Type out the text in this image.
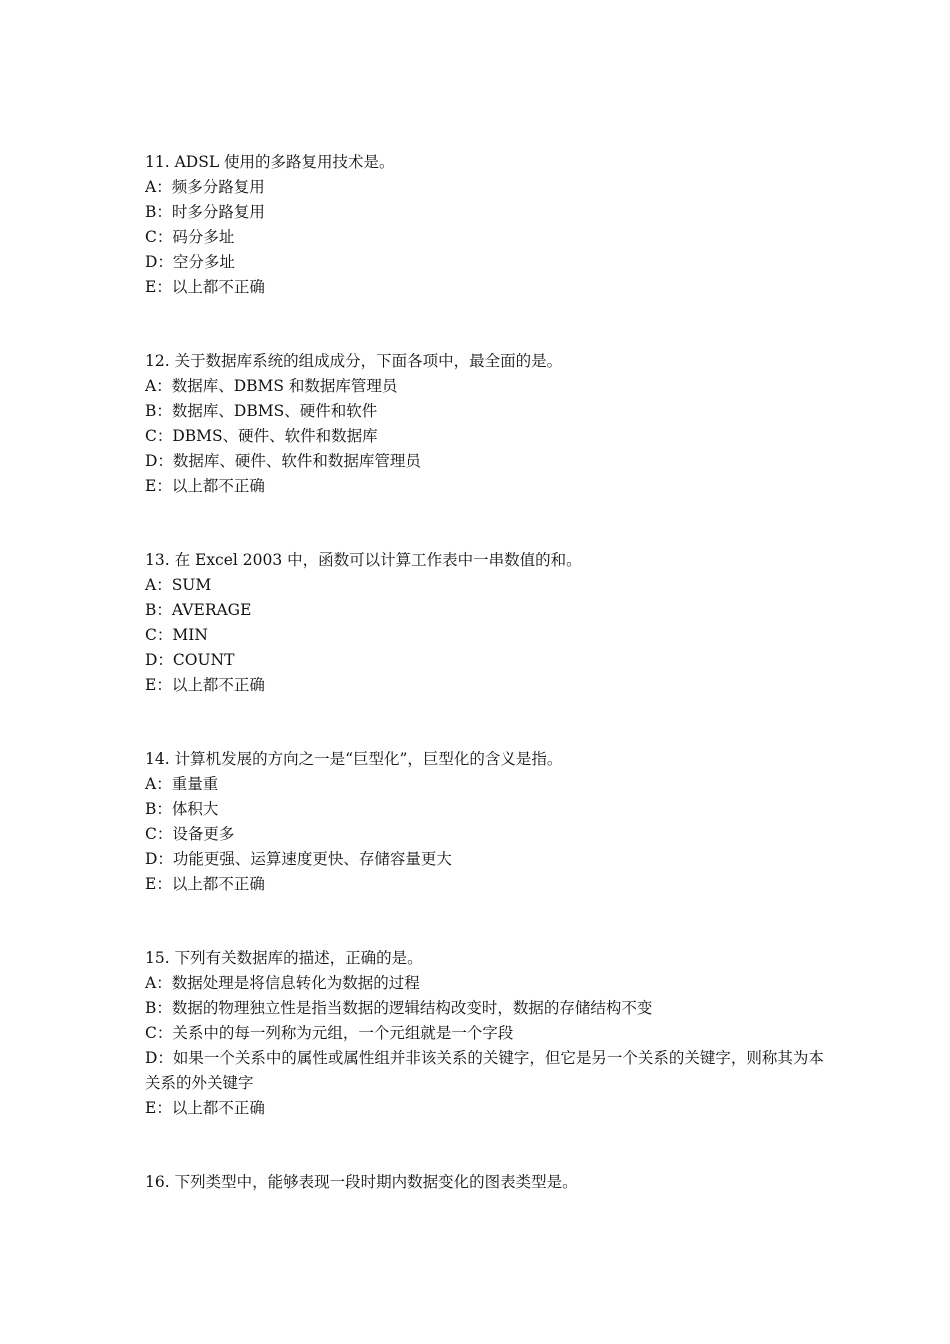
11. ADSL 使用的多路复用技术是。
A：频多分路复用
B：时多分路复用
C：码分多址
D：空分多址
E：以上都不正确
12. 关于数据库系统的组成成分，下面各项中，最全面的是。
A：数据库、DBMS 和数据库管理员
B：数据库、DBMS、硬件和软件
C：DBMS、硬件、软件和数据库
D：数据库、硬件、软件和数据库管理员
E：以上都不正确
13. 在 Excel 2003 中，函数可以计算工作表中一串数值的和。
A：SUM
B：AVERAGE
C：MIN
D：COUNT
E：以上都不正确
14. 计算机发展的方向之一是“巨型化”，巨型化的含义是指。
A：重量重
B：体积大
C：设备更多
D：功能更强、运算速度更快、存储容量更大
E：以上都不正确
15. 下列有关数据库的描述，正确的是。
A：数据处理是将信息转化为数据的过程
B：数据的物理独立性是指当数据的逻辑结构改变时，数据的存储结构不变
C：关系中的每一列称为元组，一个元组就是一个字段
D：如果一个关系中的属性或属性组并非该关系的关键字，但它是另一个关系的关键字，则称其为本关系的外关键字
E：以上都不正确
16. 下列类型中，能够表现一段时期内数据变化的图表类型是。
